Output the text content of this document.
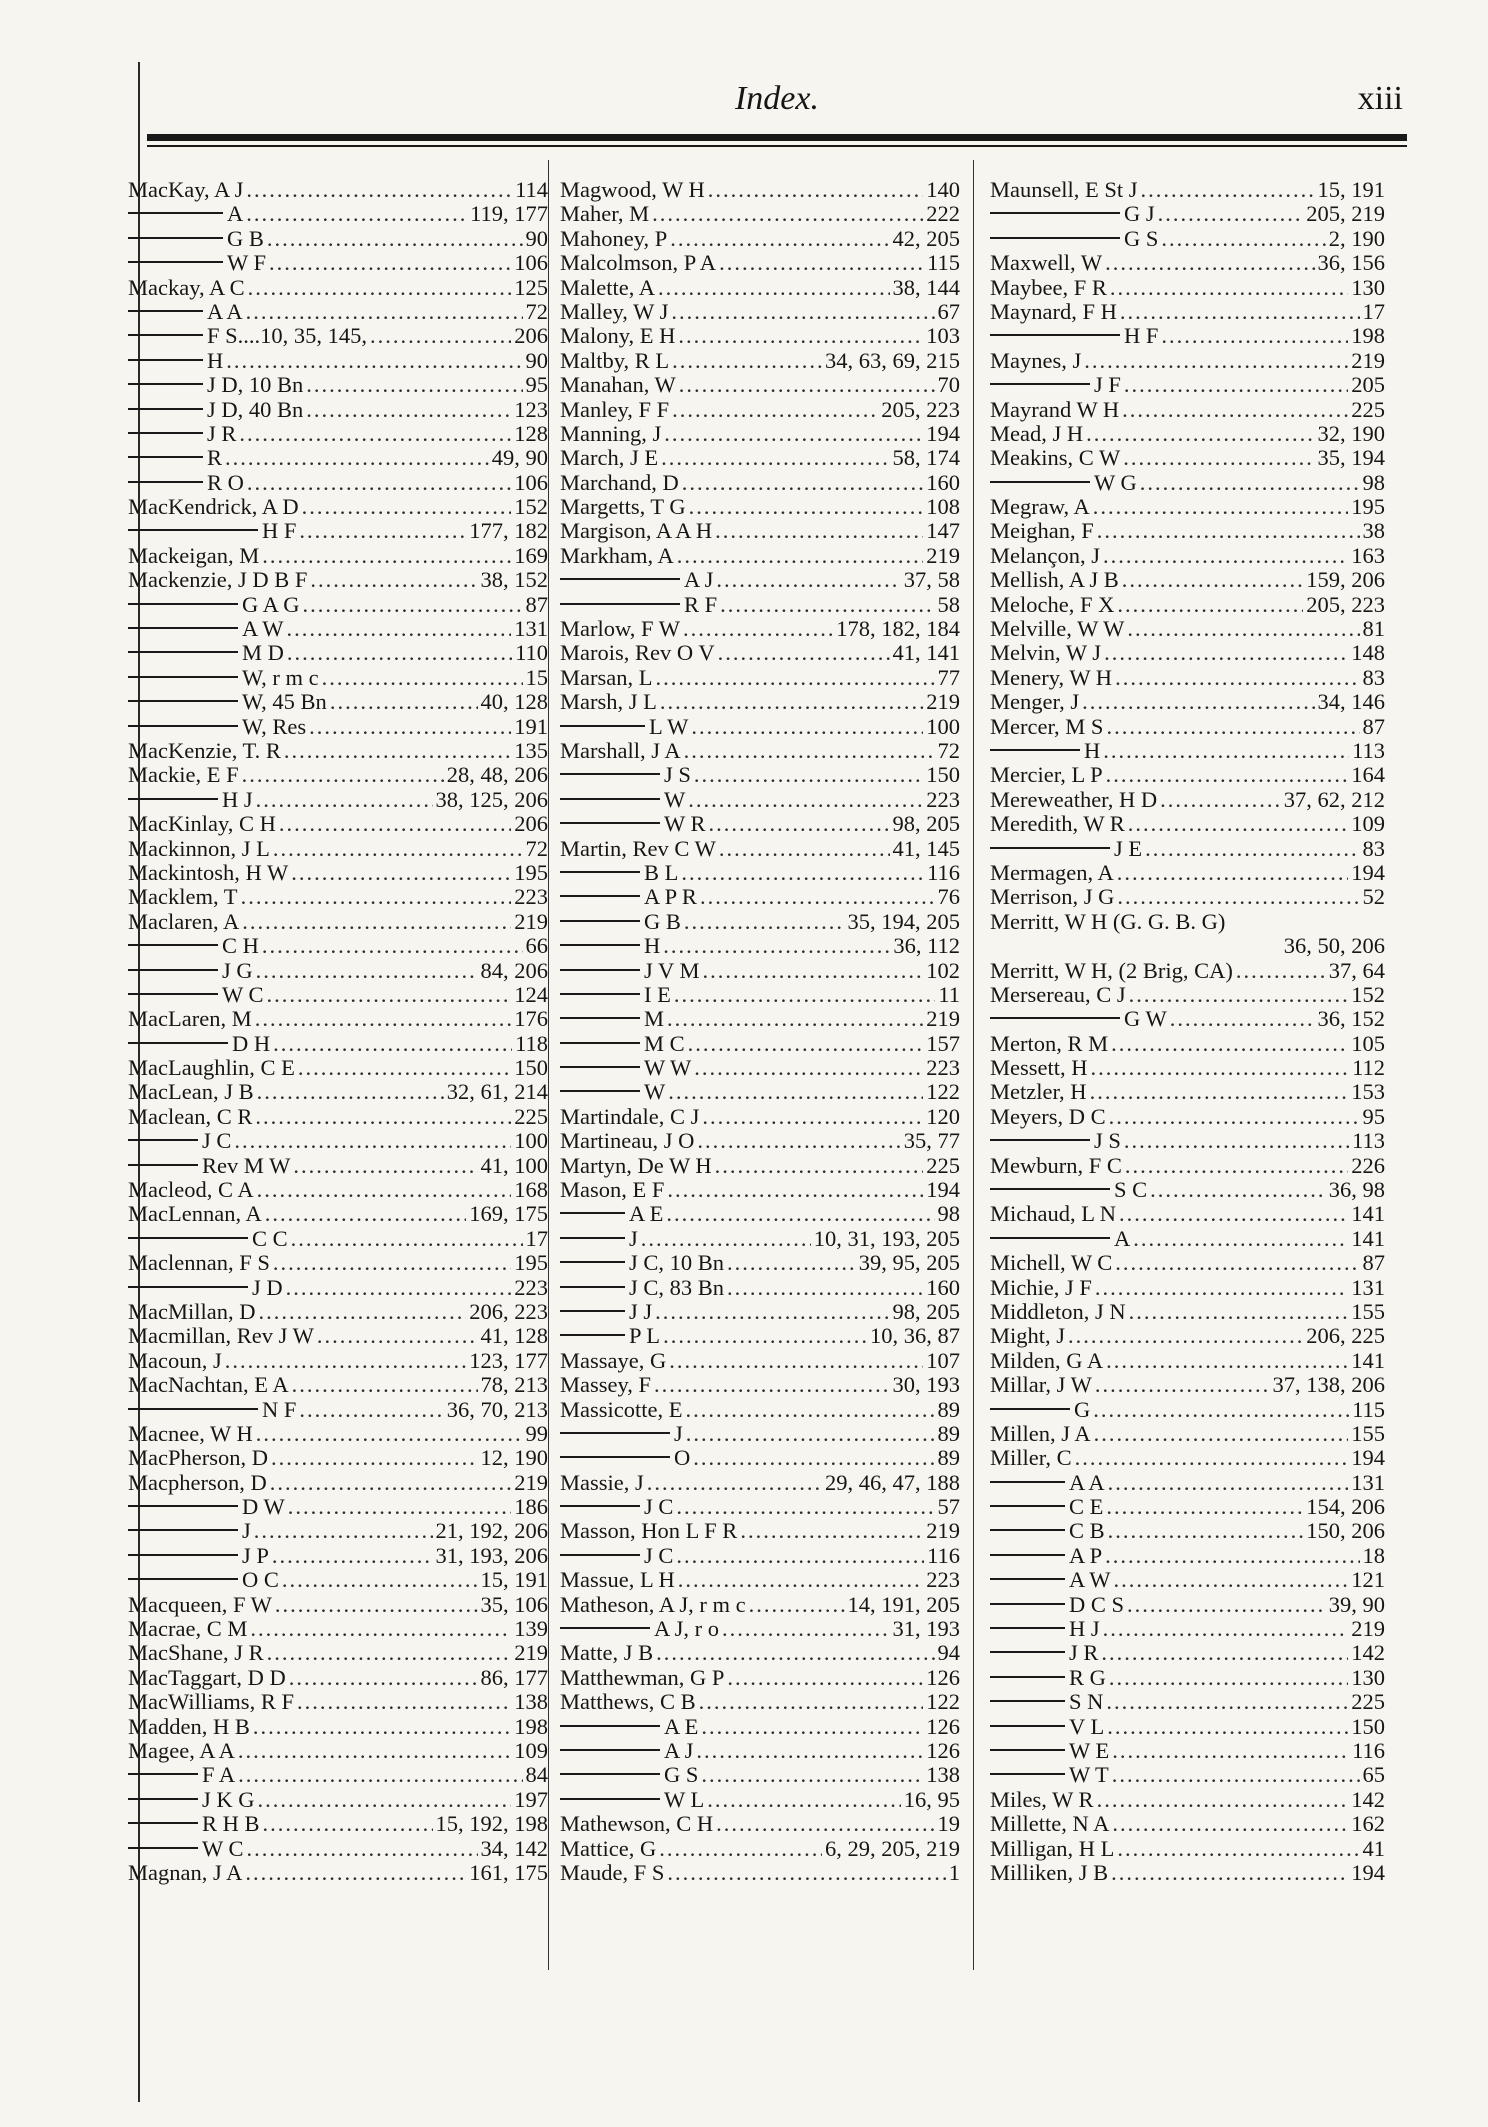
Index.	xiii
MacKay, A J .....	114
A .....	119, 177
G B .....	90
W F .....	106
Mackay, A C .....	125
A A .....	72
F S....10, 35, 145, .....	206
H .....	90
J D, 10 Bn .....	95
J D, 40 Bn .....	123
J R .....	128
R .....	49, 90
R O .....	106
MacKendrick, A D .....	152
H F .....	177, 182
Mackeigan, M .....	169
Mackenzie, J D B F .....	38, 152
G A G .....	87
A W .....	131
M D .....	110
W, r m c .....	15
W, 45 Bn .....	40, 128
W, Res .....	191
MacKenzie, T. R .....	135
Mackie, E F .....	28, 48, 206
H J .....	38, 125, 206
MacKinlay, C H .....	206
Mackinnon, J L .....	72
Mackintosh, H W .....	195
Macklem, T .....	223
Maclaren, A .....	219
C H .....	66
J G .....	84, 206
W C .....	124
MacLaren, M .....	176
D H .....	118
MacLaughlin, C E .....	150
MacLean, J B .....	32, 61, 214
Maclean, C R .....	225
J C .....	100
Rev M W .....	41, 100
Macleod, C A .....	168
MacLennan, A .....	169, 175
C C .....	17
Maclennan, F S .....	195
J D .....	223
MacMillan, D .....	206, 223
Macmillan, Rev J W .....	41, 128
Macoun, J .....	123, 177
MacNachtan, E A .....	78, 213
N F .....	36, 70, 213
Macnee, W H .....	99
MacPherson, D .....	12, 190
Macpherson, D .....	219
D W .....	186
J .....	21, 192, 206
J P .....	31, 193, 206
O C .....	15, 191
Macqueen, F W .....	35, 106
Macrae, C M .....	139
MacShane, J R .....	219
MacTaggart, D D .....	86, 177
MacWilliams, R F .....	138
Madden, H B .....	198
Magee, A A .....	109
F A .....	84
J K G .....	197
R H B .....	15, 192, 198
W C .....	34, 142
Magnan, J A .....	161, 175
Magwood, W H .....	140
Maher, M .....	222
Mahoney, P .....	42, 205
Malcolmson, P A .....	115
Malette, A .....	38, 144
Malley, W J .....	67
Malony, E H .....	103
Maltby, R L .....	34, 63, 69, 215
Manahan, W .....	70
Manley, F F .....	205, 223
Manning, J .....	194
March, J E .....	58, 174
Marchand, D .....	160
Margetts, T G .....	108
Margison, A A H .....	147
Markham, A .....	219
A J .....	37, 58
R F .....	58
Marlow, F W .....	178, 182, 184
Marois, Rev O V .....	41, 141
Marsan, L .....	77
Marsh, J L .....	219
L W .....	100
Marshall, J A .....	72
J S .....	150
W .....	223
W R .....	98, 205
Martin, Rev C W .....	41, 145
B L .....	116
A P R .....	76
G B .....	35, 194, 205
H .....	36, 112
J V M .....	102
I E .....	11
M .....	219
M C .....	157
W W .....	223
W .....	122
Martindale, C J .....	120
Martineau, J O .....	35, 77
Martyn, De W H .....	225
Mason, E F .....	194
A E .....	98
J .....	10, 31, 193, 205
J C, 10 Bn .....	39, 95, 205
J C, 83 Bn .....	160
J J .....	98, 205
P L .....	10, 36, 87
Massaye, G .....	107
Massey, F .....	30, 193
Massicotte, E .....	89
J .....	89
O .....	89
Massie, J .....	29, 46, 47, 188
J C .....	57
Masson, Hon L F R .....	219
J C .....	116
Massue, L H .....	223
Matheson, A J, r m c .....	14, 191, 205
A J, r o .....	31, 193
Matte, J B .....	94
Matthewman, G P .....	126
Matthews, C B .....	122
A E .....	126
A J .....	126
G S .....	138
W L .....	16, 95
Mathewson, C H .....	19
Mattice, G .....	6, 29, 205, 219
Maude, F S .....	1
Maunsell, E St J .....	15, 191
G J .....	205, 219
G S .....	2, 190
Maxwell, W .....	36, 156
Maybee, F R .....	130
Maynard, F H .....	17
H F .....	198
Maynes, J .....	219
J F .....	205
Mayrand W H .....	225
Mead, J H .....	32, 190
Meakins, C W .....	35, 194
W G .....	98
Megraw, A .....	195
Meighan, F .....	38
Melançon, J .....	163
Mellish, A J B .....	159, 206
Meloche, F X .....	205, 223
Melville, W W .....	81
Melvin, W J .....	148
Menery, W H .....	83
Menger, J .....	34, 146
Mercer, M S .....	87
H .....	113
Mercier, L P .....	164
Mereweather, H D .....	37, 62, 212
Meredith, W R .....	109
J E .....	83
Mermagen, A .....	194
Merrison, J G .....	52
Merritt, W H (G. G. B. G)
36, 50, 206
Merritt, W H, (2 Brig, CA) .....	37, 64
Mersereau, C J .....	152
G W .....	36, 152
Merton, R M .....	105
Messett, H .....	112
Metzler, H .....	153
Meyers, D C .....	95
J S .....	113
Mewburn, F C .....	226
S C .....	36, 98
Michaud, L N .....	141
A .....	141
Michell, W C .....	87
Michie, J F .....	131
Middleton, J N .....	155
Might, J .....	206, 225
Milden, G A .....	141
Millar, J W .....	37, 138, 206
G .....	115
Millen, J A .....	155
Miller, C .....	194
A A .....	131
C E .....	154, 206
C B .....	150, 206
A P .....	18
A W .....	121
D C S .....	39, 90
H J .....	219
J R .....	142
R G .....	130
S N .....	225
V L .....	150
W E .....	116
W T .....	65
Miles, W R .....	142
Millette, N A .....	162
Milligan, H L .....	41
Milliken, J B .....	194
